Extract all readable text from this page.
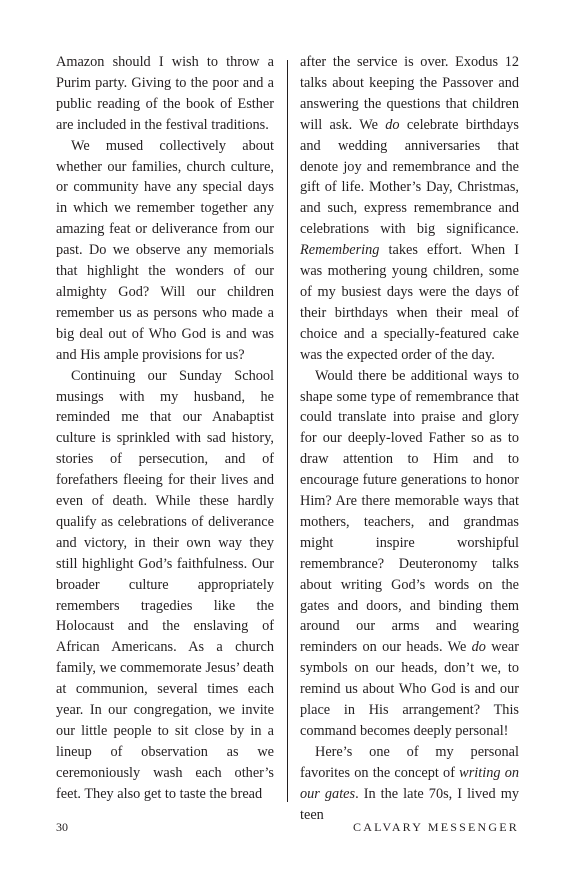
Amazon should I wish to throw a Purim party. Giving to the poor and a public reading of the book of Esther are included in the festival traditions.

We mused collectively about whether our families, church culture, or community have any special days in which we remember together any amazing feat or deliverance from our past. Do we observe any memorials that highlight the wonders of our almighty God? Will our children remember us as persons who made a big deal out of Who God is and was and His ample provisions for us?

Continuing our Sunday School musings with my husband, he reminded me that our Anabaptist culture is sprinkled with sad history, stories of persecution, and of forefathers fleeing for their lives and even of death. While these hardly qualify as celebrations of deliverance and victory, in their own way they still highlight God’s faithfulness. Our broader culture appropriately remembers tragedies like the Holocaust and the enslaving of African Americans. As a church family, we commemorate Jesus’ death at communion, several times each year. In our congregation, we invite our little people to sit close by in a lineup of observation as we ceremoniously wash each other’s feet. They also get to taste the bread

after the service is over. Exodus 12 talks about keeping the Passover and answering the questions that children will ask. We do celebrate birthdays and wedding anniversaries that denote joy and remembrance and the gift of life. Mother’s Day, Christmas, and such, express remembrance and celebrations with big significance. Remembering takes effort. When I was mothering young children, some of my busiest days were the days of their birthdays when their meal of choice and a specially-featured cake was the expected order of the day.

Would there be additional ways to shape some type of remembrance that could translate into praise and glory for our deeply-loved Father so as to draw attention to Him and to encourage future generations to honor Him? Are there memorable ways that mothers, teachers, and grandmas might inspire worshipful remembrance? Deuteronomy talks about writing God’s words on the gates and doors, and binding them around our arms and wearing reminders on our heads. We do wear symbols on our heads, don’t we, to remind us about Who God is and our place in His arrangement? This command becomes deeply personal!

Here’s one of my personal favorites on the concept of writing on our gates. In the late 70s, I lived my teen

30	CALVARY MESSENGER
